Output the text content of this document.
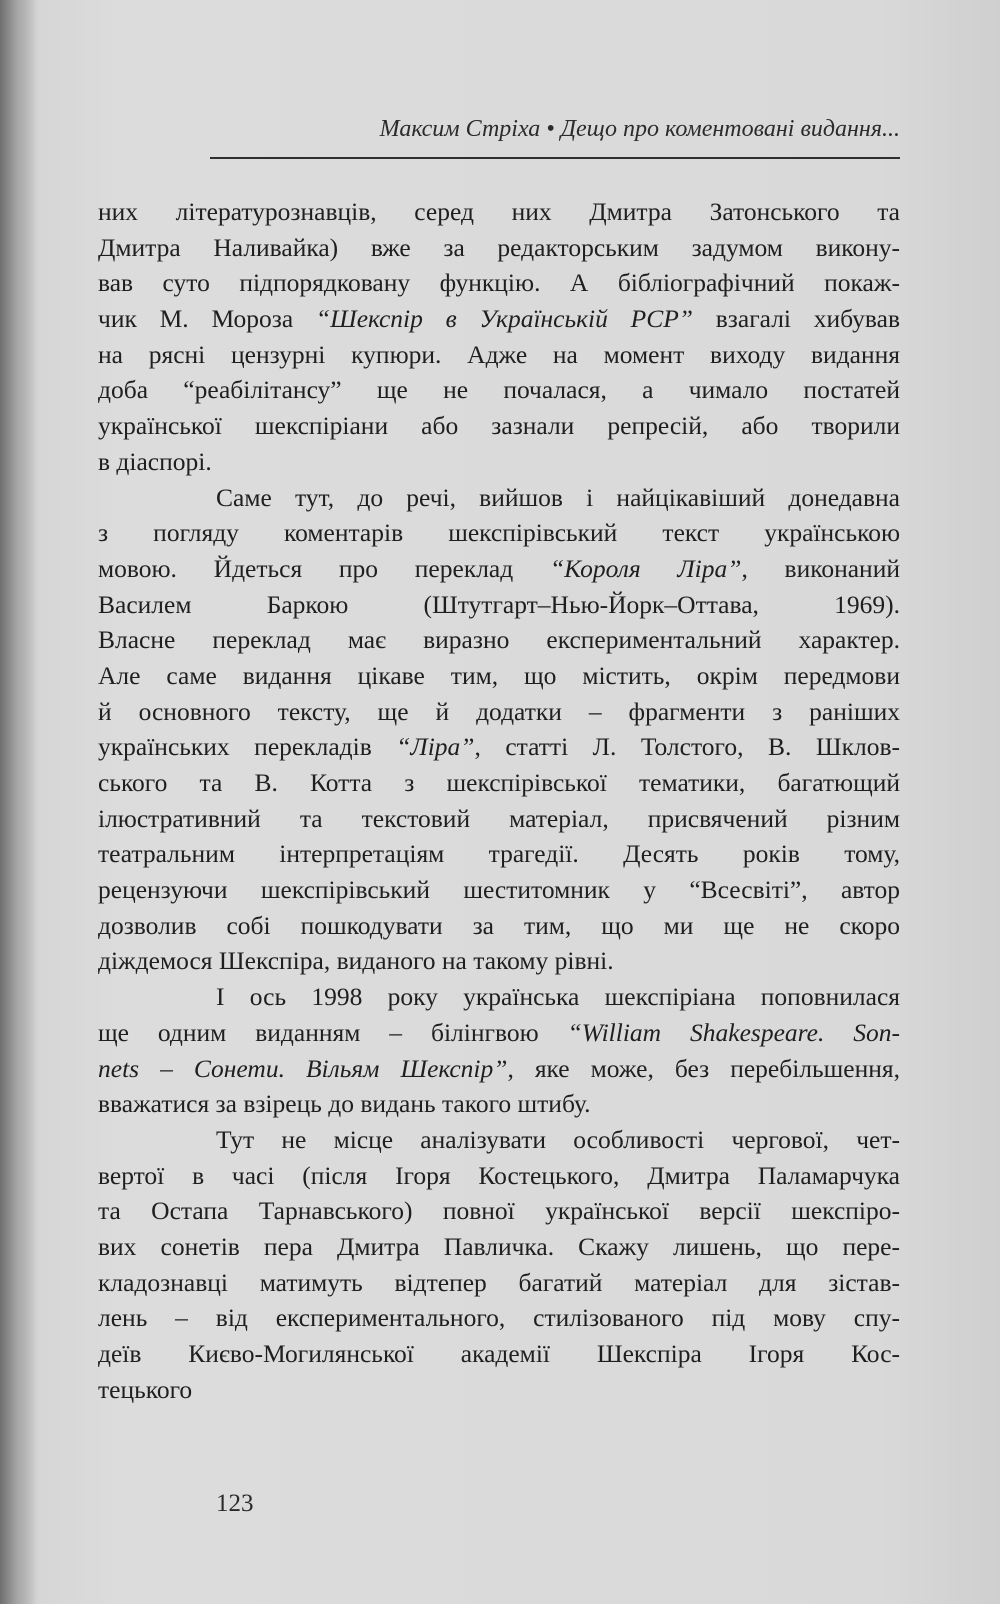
Максим Стріха • Дещо про коментовані видання...
них літературознавців, серед них Дмитра Затонського та
Дмитра Наливайка) вже за редакторським задумом викону-
вав суто підпорядковану функцію. А бібліографічний покаж-
чик М. Мороза “Шекспір в Українській РСР” взагалі хибував
на рясні цензурні купюри. Адже на момент виходу видання
доба “реабілітансу” ще не почалася, а чимало постатей
української шекспіріани або зазнали репресій, або творили
в діаспорі.
Саме тут, до речі, вийшов і найцікавіший донедавна
з погляду коментарів шекспірівський текст українською
мовою. Йдеться про переклад “Короля Ліра”, виконаний
Василем Баркою (Штутгарт–Нью-Йорк–Оттава, 1969).
Власне переклад має виразно експериментальний характер.
Але саме видання цікаве тим, що містить, окрім передмови
й основного тексту, ще й додатки – фрагменти з раніших
українських перекладів “Ліра”, статті Л. Толстого, В. Шклов-
ського та В. Котта з шекспірівської тематики, багатющий
ілюстративний та текстовий матеріал, присвячений різним
театральним інтерпретаціям трагедії. Десять років тому,
рецензуючи шекспірівський шеститомник у “Всесвіті”, автор
дозволив собі пошкодувати за тим, що ми ще не скоро
діждемося Шекспіра, виданого на такому рівні.
І ось 1998 року українська шекспіріана поповнилася
ще одним виданням – білінгвою “William Shakespeare. Son-
nets – Сонети. Вільям Шекспір”, яке може, без перебільшення,
вважатися за взірець до видань такого штибу.
Тут не місце аналізувати особливості чергової, чет-
вертої в часі (після Ігоря Костецького, Дмитра Паламарчука
та Остапа Тарнавського) повної української версії шекспіро-
вих сонетів пера Дмитра Павличка. Скажу лишень, що пере-
кладознавці матимуть відтепер багатий матеріал для зістав-
лень – від експериментального, стилізованого під мову спу-
деїв Києво-Могилянської академії Шекспіра Ігоря Кос-
тецького
123
